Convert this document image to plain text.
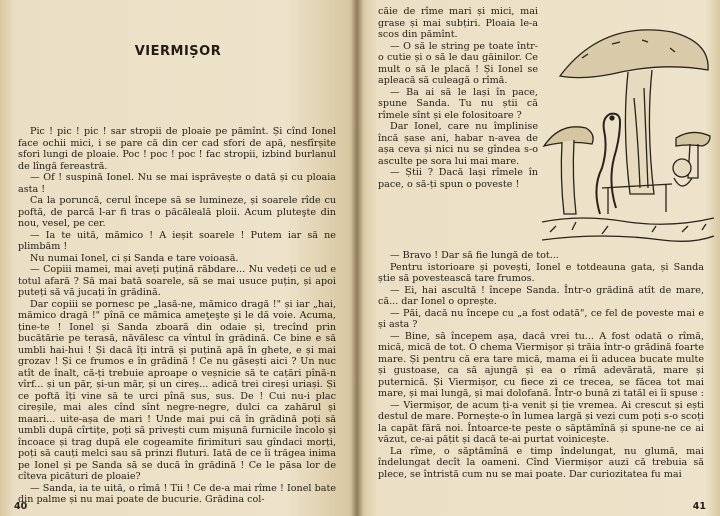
VIERMIȘOR

Pic ! pic ! pic ! sar stropii de ploaie pe pămînt. Și cînd Ionel face ochii mici, i se pare că din cer cad sfori de apă, nesfîrșite sfori lungi de ploaie. Poc ! poc ! poc ! fac stropii, izbind burlanul de lîngă fereastră.

— Of ! suspină Ionel. Nu se mai isprăvește o dată și cu ploaia asta !

Ca la poruncă, cerul începe să se lumineze, și soarele rîde cu poftă, de parcă l-ar fi tras o păcăleală ploii. Acum pluteşte din nou, vesel, pe cer.

— Ia te uită, mămico ! A ieșit soarele ! Putem iar să ne plimbăm !

Nu numai Ionel, ci și Sanda e tare voioasă.

— Copiii mamei, mai aveți puțină răbdare... Nu vedeți ce ud e totul afară ? Să mai bată soarele, să se mai usuce puțin, și apoi puteți să vă jucați în grădină.

Dar copiii se pornesc pe „lasă-ne, mămico dragă !" și iar „hai, mămico dragă !" pînă ce mămica ameţeşte şi le dă voie. Acuma, ține-te ! Ionel și Sanda zboară din odaie și, trecînd prin bucătărie pe terasă, năvălesc ca vîntul în grădină. Ce bine e să umbli hai-hui ! Și dacă îți intră și puțină apă în ghete, e și mai grozav ! Și ce frumos e în grădină ! Ce nu găsești aici ? Un nuc atît de înalt, că-ți trebuie aproape o veșnicie să te cațări pînă-n vîrf... și un păr, și-un măr, și un cireș... adică trei cireși uriași. Și ce poftă îți vine să te urci pînă sus, sus. De ! Cui nu-i plac cireșile, mai ales cînd sînt negre-negre, dulci ca zahărul și maari... uite-așa de mari ! Unde mai pui că în grădină poți să umbli după cîrtițe, poți să privești cum mișună furnicile încolo și încoace și trag după ele cogeamite firimituri sau gîndaci morți, poți să cauți melci sau să prinzi fluturi. Iată de ce îi trăgea inima pe Ionel și pe Sanda să se ducă în grădină ! Ce le păsa lor de cîteva picături de ploaie?

— Sanda, ia te uită, o rîmă ! Tii ! Ce de-a mai rîme ! Ionel bate din palme și nu mai poate de bucurie. Grădina col-

40

căie de rîme mari și mici, mai grase și mai subțiri. Ploaia le-a scos din pămînt.

— O să le string pe toate într-o cutie și o să le dau găinilor. Ce mult o să le placă ! Și Ionel se apleacă să culeagă o rîmă.

— Ba ai să le lași în pace, spune Sanda. Tu nu știi că rîmele sînt și ele folositoare ?

Dar Ionel, care nu împlinise încă șase ani, habar n-avea de așa ceva și nici nu se gîndea s-o asculte pe sora lui mai mare.

— Știi ? Dacă lași rîmele în pace, o să-ți spun o poveste !

— Bravo ! Dar să fie lungă de tot...

Pentru istorioare și povești, Ionel e totdeauna gata, și Sanda știe să povestească tare frumos.

— Ei, hai ascultă ! începe Sanda. Într-o grădină atît de mare, că... dar Ionel o oprește.

— Păi, dacă nu începe cu „a fost odată", ce fel de poveste mai e și asta ?

— Bine, să începem așa, dacă vrei tu... A fost odată o rîmă, mică, mică de tot. O chema Viermișor și trăia într-o grădină foarte mare. Și pentru că era tare mică, mama ei îi aducea bucate multe și gustoase, ca să ajungă și ea o rîmă adevărată, mare și puternică. Și Viermișor, cu fiece zi ce trecea, se făcea tot mai mare, și mai lungă, și mai dolofană. Într-o bună zi tatăl ei îi spuse :

— Viermișor, de acum ți-a venit și ție vremea. Ai crescut și ești destul de mare. Pornește-o în lumea largă și vezi cum poți s-o scoți la capăt fără noi. Întoarce-te peste o săptămînă și spune-ne ce ai văzut, ce-ai pățit și dacă te-ai purtat voinicește.

La rîme, o săptămînă e timp îndelungat, nu glumă, mai îndelungat decît la oameni. Cînd Viermișor auzi că trebuia să plece, se întristă cum nu se mai poate. Dar curiozitatea fu mai

41
